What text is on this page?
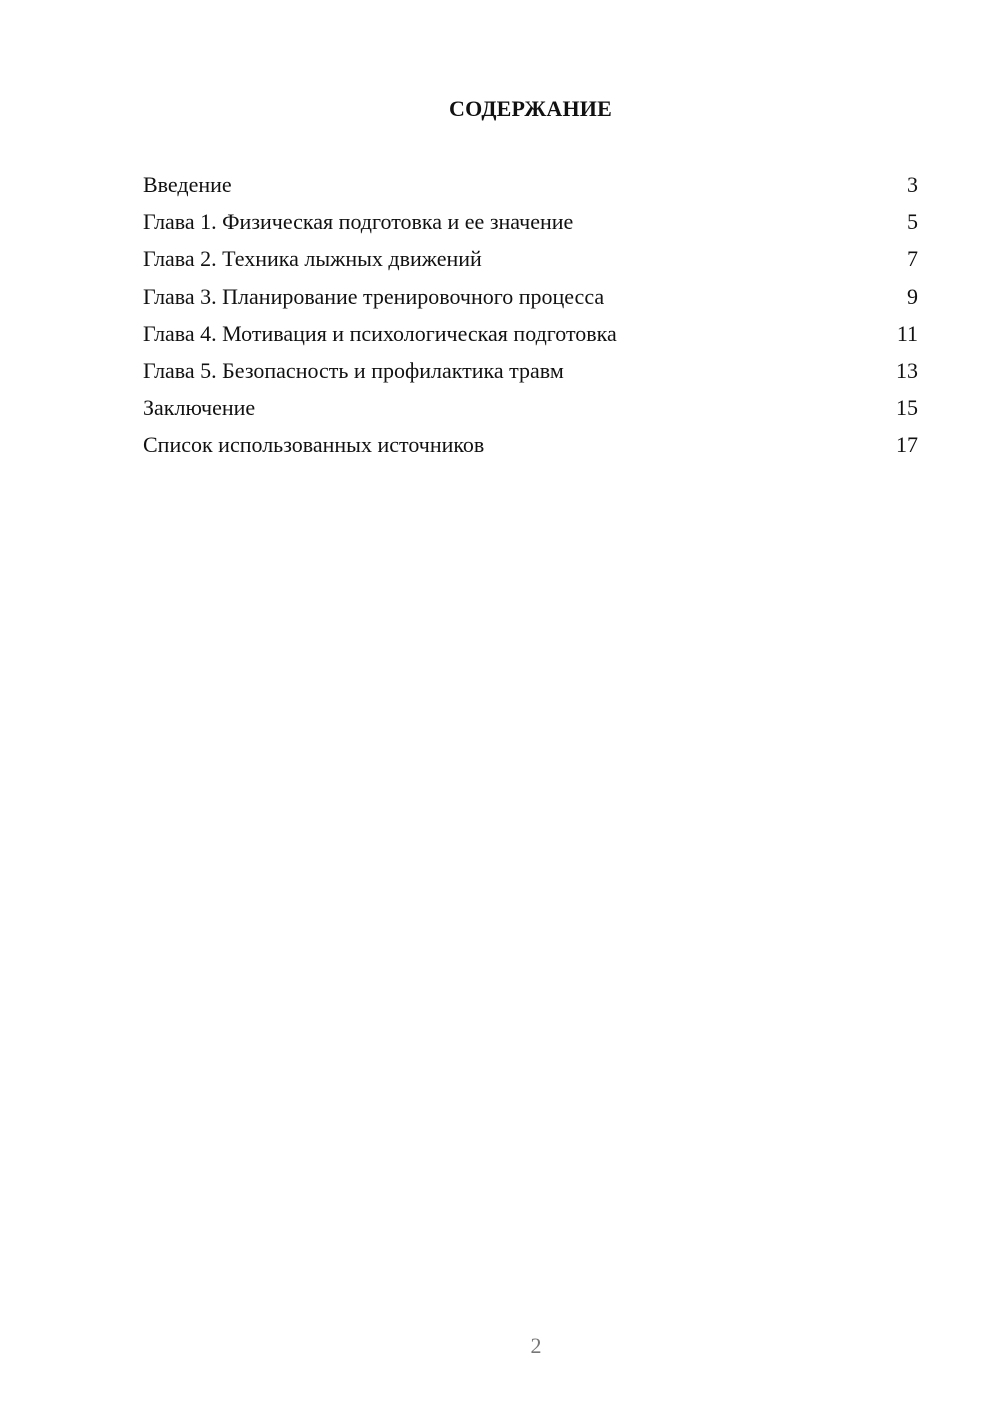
СОДЕРЖАНИЕ
Введение	3
Глава 1. Физическая подготовка и ее значение	5
Глава 2. Техника лыжных движений	7
Глава 3. Планирование тренировочного процесса	9
Глава 4. Мотивация и психологическая подготовка	11
Глава 5. Безопасность и профилактика травм	13
Заключение	15
Список использованных источников	17
2
